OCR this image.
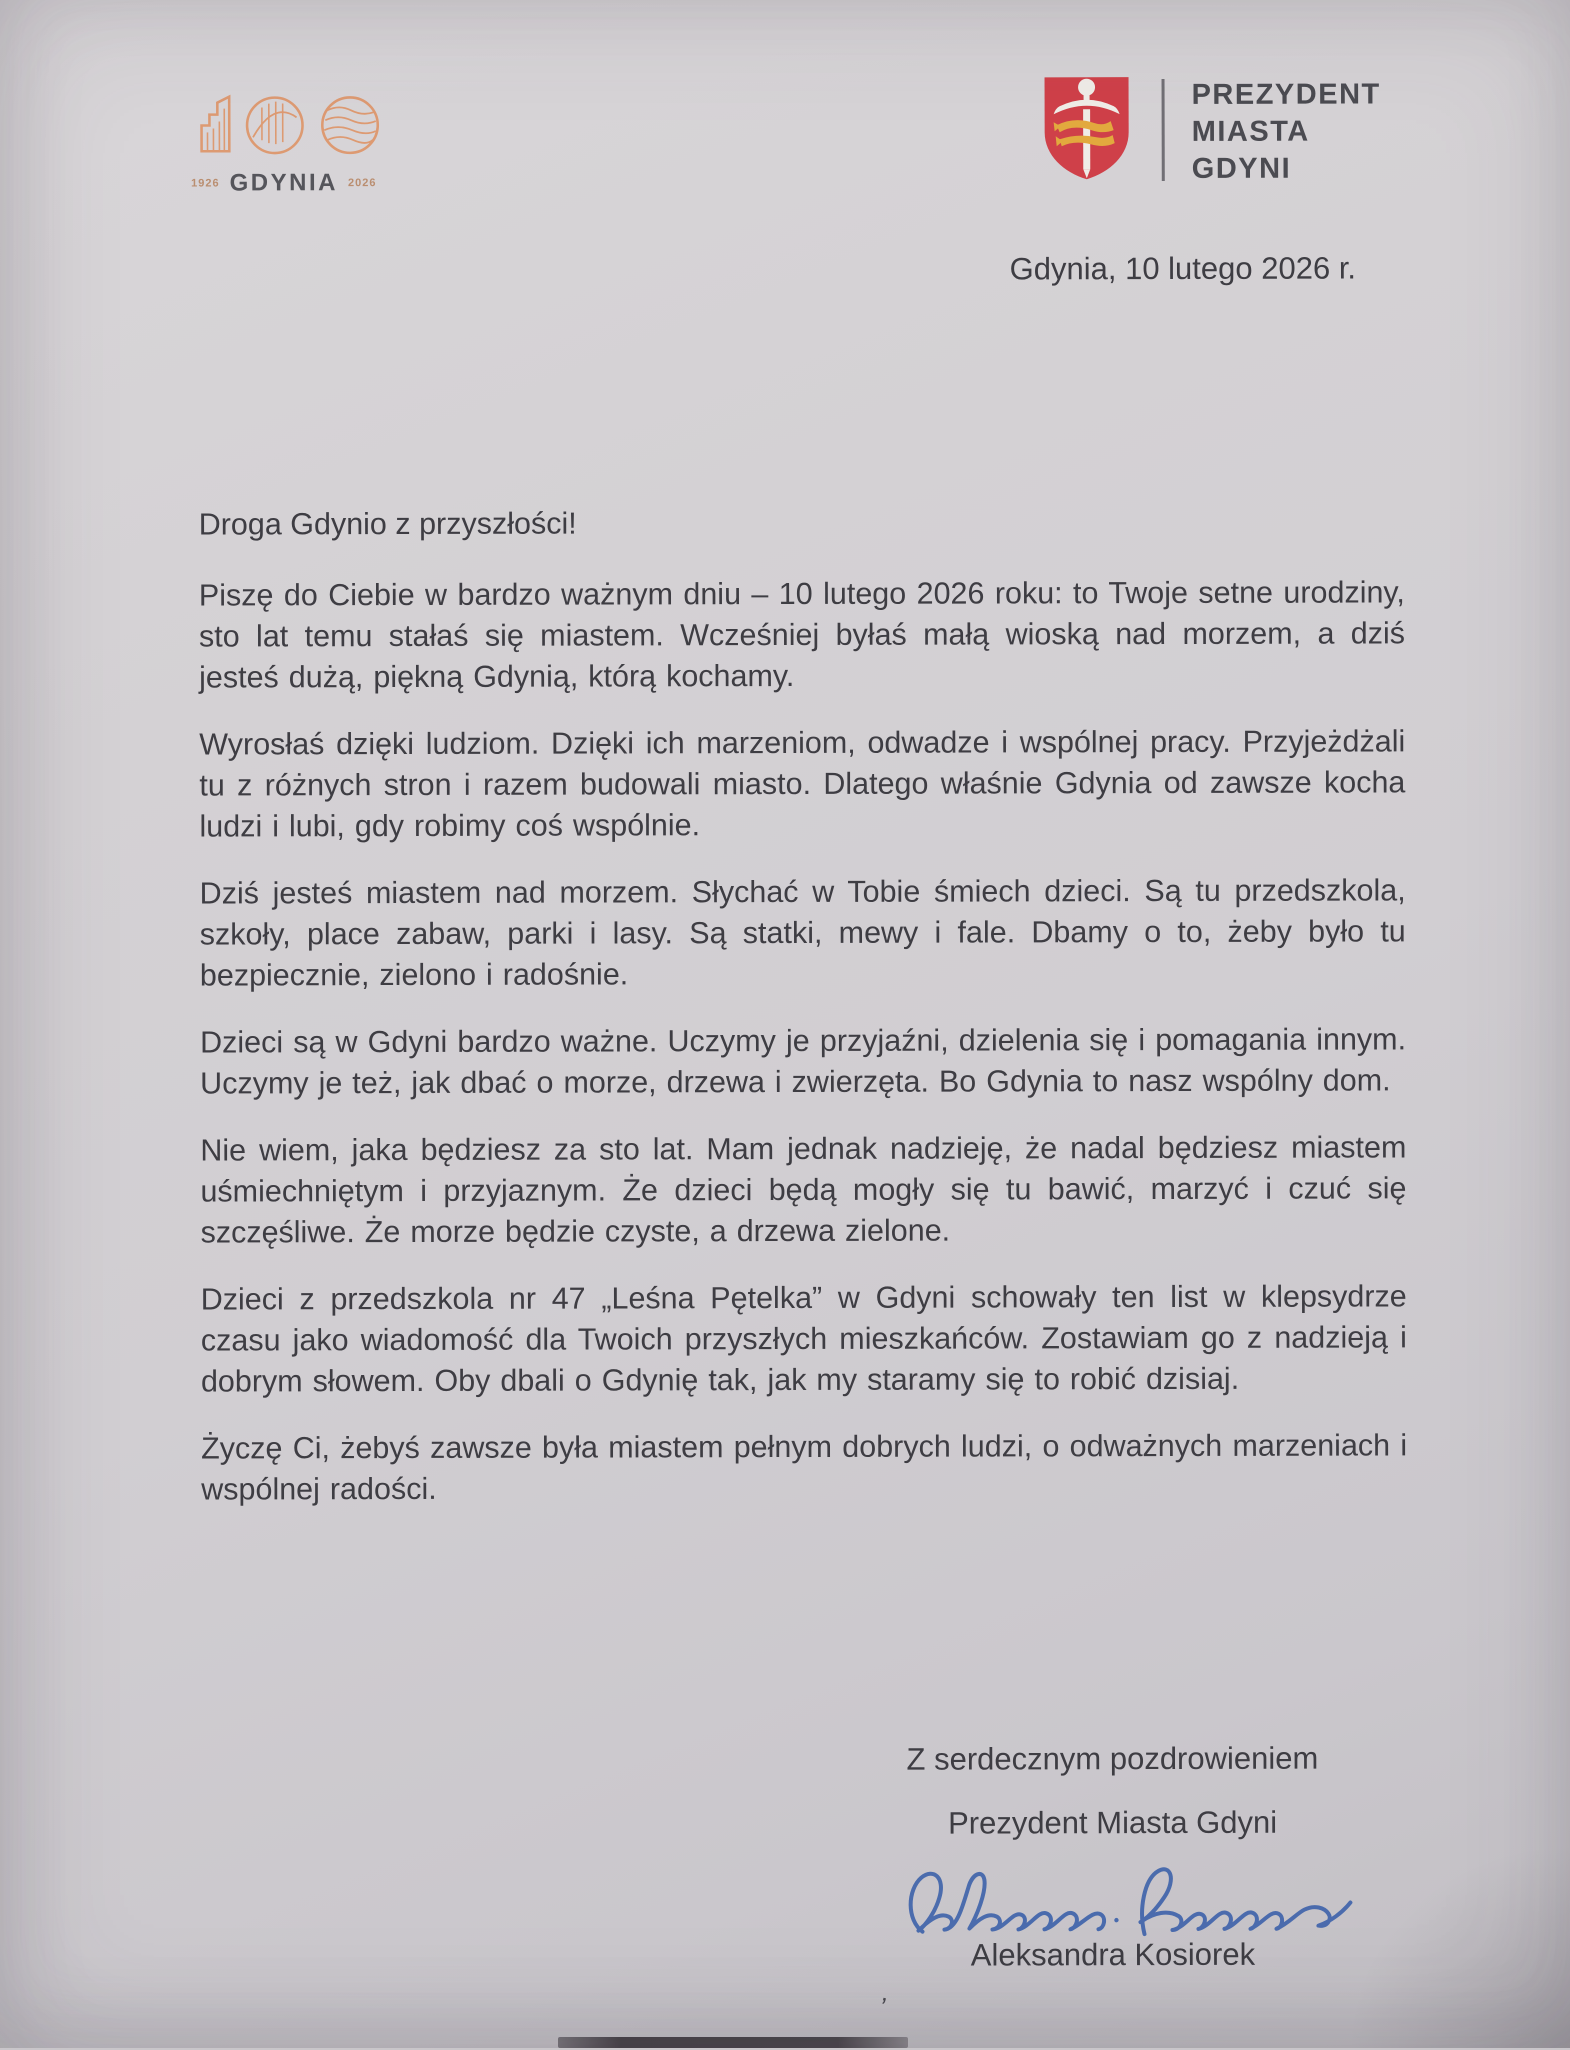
1926 GDYNIA 2026
PREZYDENT
MIASTA
GDYNI
Gdynia, 10 lutego 2026 r.
Droga Gdynio z przyszłości!

Piszę do Ciebie w bardzo ważnym dniu – 10 lutego 2026 roku: to Twoje setne urodziny, sto lat temu stałaś się miastem. Wcześniej byłaś małą wioską nad morzem, a dziś jesteś dużą, piękną Gdynią, którą kochamy.

Wyrosłaś dzięki ludziom. Dzięki ich marzeniom, odwadze i wspólnej pracy. Przyjeżdżali tu z różnych stron i razem budowali miasto. Dlatego właśnie Gdynia od zawsze kocha ludzi i lubi, gdy robimy coś wspólnie.

Dziś jesteś miastem nad morzem. Słychać w Tobie śmiech dzieci. Są tu przedszkola, szkoły, place zabaw, parki i lasy. Są statki, mewy i fale. Dbamy o to, żeby było tu bezpiecznie, zielono i radośnie.

Dzieci są w Gdyni bardzo ważne. Uczymy je przyjaźni, dzielenia się i pomagania innym. Uczymy je też, jak dbać o morze, drzewa i zwierzęta. Bo Gdynia to nasz wspólny dom.

Nie wiem, jaka będziesz za sto lat. Mam jednak nadzieję, że nadal będziesz miastem uśmiechniętym i przyjaznym. Że dzieci będą mogły się tu bawić, marzyć i czuć się szczęśliwe. Że morze będzie czyste, a drzewa zielone.

Dzieci z przedszkola nr 47 „Leśna Pętelka” w Gdyni schowały ten list w klepsydrze czasu jako wiadomość dla Twoich przyszłych mieszkańców. Zostawiam go z nadzieją i dobrym słowem. Oby dbali o Gdynię tak, jak my staramy się to robić dzisiaj.

Życzę Ci, żebyś zawsze była miastem pełnym dobrych ludzi, o odważnych marzeniach i wspólnej radości.

Z serdecznym pozdrowieniem
Prezydent Miasta Gdyni
Aleksandra Kosiorek
’
